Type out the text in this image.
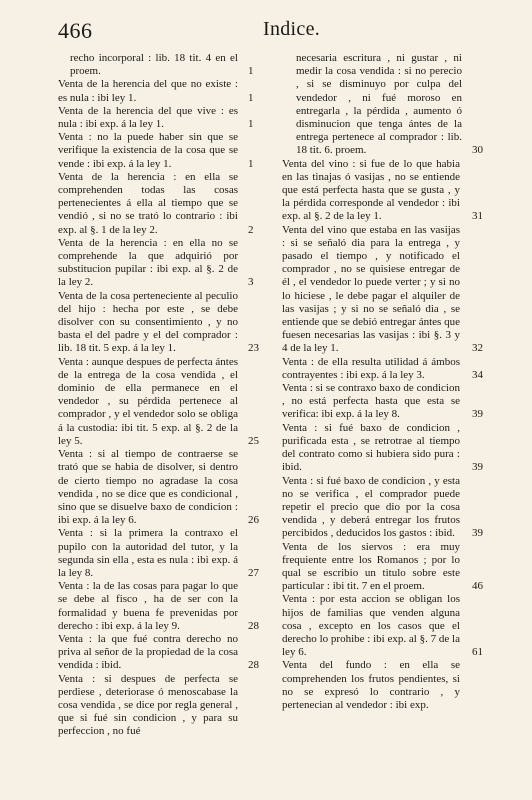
466	Indice.
recho incorporal : lib. 18 tit. 4 en el proem.	1
Venta de la herencia del que no existe : es nula : ibi ley 1.	1
Venta de la herencia del que vive : es nula : ibi exp. á la ley 1.	1
Venta : no la puede haber sin que se verifique la existencia de la cosa que se vende : ibi exp. á la ley 1.	1
Venta de la herencia : en ella se comprehenden todas las cosas pertenecientes á ella al tiempo que se vendió , si no se trató lo contrario : ibi exp. al §. 1 de la ley 2.	2
Venta de la herencia : en ella no se comprehende la que adquirió por substitucion pupilar : ibi exp. al §. 2 de la ley 2.	3
Venta de la cosa perteneciente al peculio del hijo : hecha por este , se debe disolver con su consentimiento , y no basta el del padre y el del comprador : lib. 18 tit. 5 exp. á la ley 1.	23
Venta : aunque despues de perfecta ántes de la entrega de la cosa vendida , el dominio de ella permanece en el vendedor , su pérdida pertenece al comprador , y el vendedor solo se obliga á la custodia: ibi tit. 5 exp. al §. 2 de la ley 5.	25
Venta : si al tiempo de contraerse se trató que se habia de disolver, si dentro de cierto tiempo no agradase la cosa vendida , no se dice que es condicional , sino que se disuelve baxo de condicion : ibi exp. á la ley 6.	26
Venta : si la primera la contraxo el pupilo con la autoridad del tutor, y la segunda sin ella , esta es nula : ibi exp. á la ley 8.	27
Venta : la de las cosas para pagar lo que se debe al fisco , ha de ser con la formalidad y buena fe prevenidas por derecho : ibi exp. á la ley 9.	28
Venta : la que fué contra derecho no priva al señor de la propiedad de la cosa vendida : ibid.	28
Venta : si despues de perfecta se perdiese , deteriorase ó menoscabase la cosa vendida , se dice por regla general , que si fué sin condicion , y para su perfeccion , no fué
necesaria escritura , ni gustar , ni medir la cosa vendida : si no perecio , si se disminuyo por culpa del vendedor , ni fué moroso en entregarla , la pérdida , aumento ó disminucion que tenga ántes de la entrega pertenece al comprador : lib. 18 tit. 6. proem.	30
Venta del vino : si fue de lo que habia en las tinajas ó vasijas , no se entiende que está perfecta hasta que se gusta , y la pérdida corresponde al vendedor : ibi exp. al §. 2 de la ley 1.	31
Venta del vino que estaba en las vasijas : si se señaló dia para la entrega , y pasado el tiempo , y notificado el comprador , no se quisiese entregar de él , el vendedor lo puede verter ; y si no lo hiciese , le debe pagar el alquiler de las vasijas ; y si no se señaló dia , se entiende que se debió entregar ántes que fuesen necesarias las vasijas : ibi §. 3 y 4 de la ley 1.	32
Venta : de ella resulta utilidad á ámbos contrayentes : ibi exp. á la ley 3.	34
Venta : si se contraxo baxo de condicion , no está perfecta hasta que esta se verifica: ibi exp. á la ley 8.	39
Venta : si fué baxo de condicion , purificada esta , se retrotrae al tiempo del contrato como si hubiera sido pura : ibid.	39
Venta : si fué baxo de condicion , y esta no se verifica , el comprador puede repetir el precio que dio por la cosa vendida , y deberá entregar los frutos percibidos , deducidos los gastos : ibid.	39
Venta de los siervos : era muy frequiente entre los Romanos ; por lo qual se escribio un titulo sobre este particular : ibi tit. 7 en el proem.	46
Venta : por esta accion se obligan los hijos de familias que venden alguna cosa , excepto en los casos que el derecho lo prohibe : ibi exp. al §. 7 de la ley 6.	61
Venta del fundo : en ella se comprehenden los frutos pendientes, si no se expresó lo contrario , y pertenecian al vendedor : ibi exp.
